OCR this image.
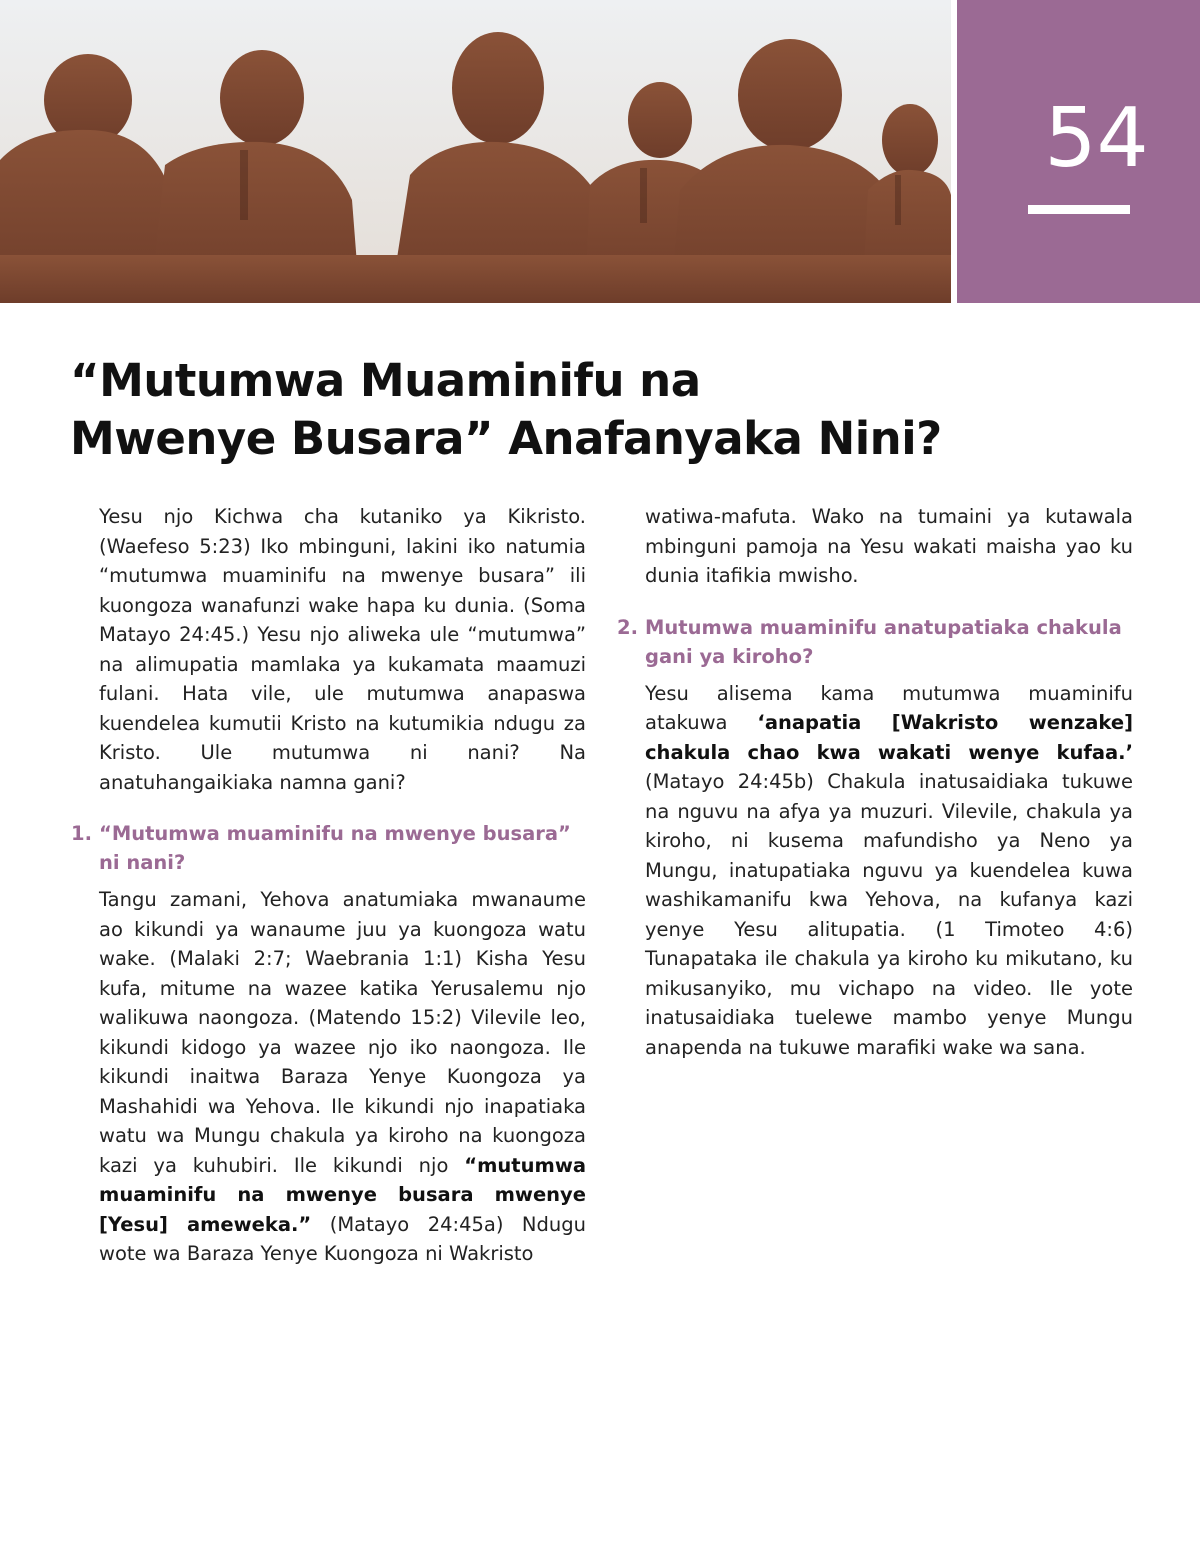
54
“Mutumwa Muaminifu na
Mwenye Busara” Anafanyaka Nini?

Yesu njo Kichwa cha kutaniko ya Kikristo. (Waefeso 5:23) Iko mbinguni, lakini iko natumia “mutumwa muaminifu na mwenye busara” ili kuongoza wanafunzi wake hapa ku dunia. (Soma Matayo 24:45.) Yesu njo aliweka ule “mutumwa” na alimupatia mamlaka ya kukamata maamuzi fulani. Hata vile, ule mutumwa anapaswa kuendelea kumutii Kristo na kutumikia ndugu za Kristo. Ule mutumwa ni nani? Na anatuhangaikiaka namna gani?

1. “Mutumwa muaminifu na mwenye busara” ni nani?

Tangu zamani, Yehova anatumiaka mwanaume ao kikundi ya wanaume juu ya kuongoza watu wake. (Malaki 2:7; Waebrania 1:1) Kisha Yesu kufa, mitume na wazee katika Yerusalemu njo walikuwa naongoza. (Matendo 15:2) Vilevile leo, kikundi kidogo ya wazee njo iko naongoza. Ile kikundi inaitwa Baraza Yenye Kuongoza ya Mashahidi wa Yehova. Ile kikundi njo inapatiaka watu wa Mungu chakula ya kiroho na kuongoza kazi ya kuhubiri. Ile kikundi njo “mutumwa muaminifu na mwenye busara mwenye [Yesu] ameweka.” (Matayo 24:45a) Ndugu wote wa Baraza Yenye Kuongoza ni Wakristo

watiwa-mafuta. Wako na tumaini ya kutawala mbinguni pamoja na Yesu wakati maisha yao ku dunia itafikia mwisho.

2. Mutumwa muaminifu anatupatiaka chakula gani ya kiroho?

Yesu alisema kama mutumwa muaminifu atakuwa ‘anapatia [Wakristo wenzake] chakula chao kwa wakati wenye kufaa.’ (Matayo 24:45b) Chakula inatusaidiaka tukuwe na nguvu na afya ya muzuri. Vilevile, chakula ya kiroho, ni kusema mafundisho ya Neno ya Mungu, inatupatiaka nguvu ya kuendelea kuwa washikamanifu kwa Yehova, na kufanya kazi yenye Yesu alitupatia. (1 Timoteo 4:6) Tunapataka ile chakula ya kiroho ku mikutano, ku mikusanyiko, mu vichapo na video. Ile yote inatusaidiaka tuelewe mambo yenye Mungu anapenda na tukuwe marafiki wake wa sana.
